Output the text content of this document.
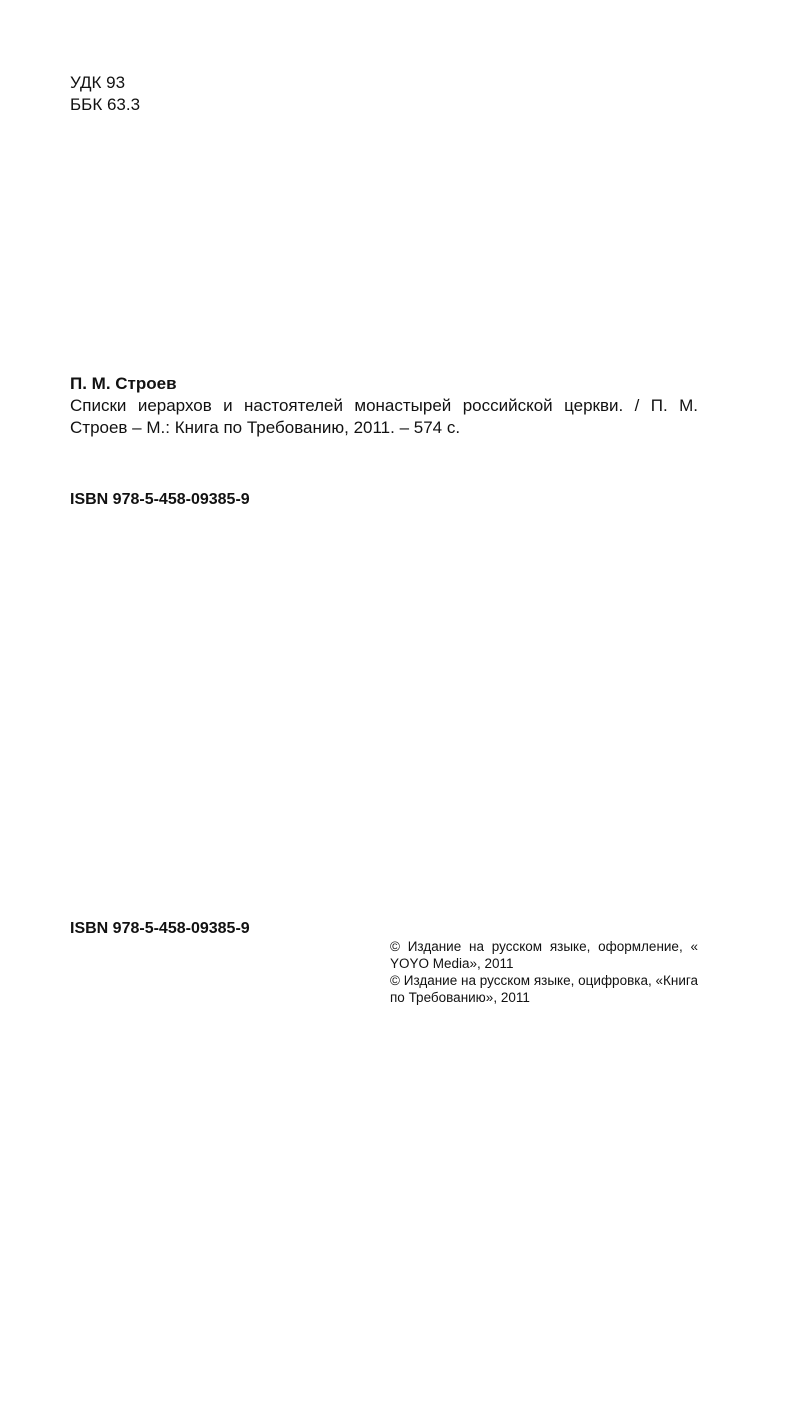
УДК 93
ББК 63.3
П. М. Строев
Списки иерархов и настоятелей монастырей российской церкви. / П. М. Строев – М.: Книга по Требованию, 2011. – 574 с.
ISBN 978-5-458-09385-9
ISBN 978-5-458-09385-9

© Издание на русском языке, оформление, « YOYO Media», 2011

© Издание на русском языке, оцифровка, «Книга по Требованию», 2011
